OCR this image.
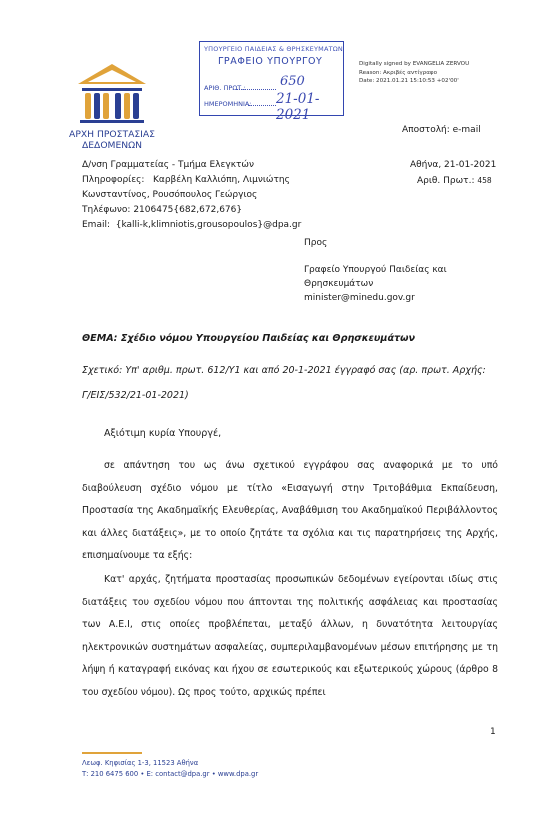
ΑΡΧΗ ΠΡΟΣΤΑΣΙΑΣ
ΔΕΔΟΜΕΝΩΝ
ΥΠΟΥΡΓΕΙΟ ΠΑΙΔΕΙΑΣ & ΘΡΗΣΚΕΥΜΑΤΩΝ
ΓΡΑΦΕΙΟ ΥΠΟΥΡΓΟΥ
ΑΡΙΘ. ΠΡΩΤ.:	650
ΗΜΕΡΟΜΗΝΙΑ: 21-01-2021
Digitally signed by EVANGELIA ZERVOU
Reason: Ακριβές αντίγραφο
Date: 2021.01.21 15:10:53 +02'00'
Αποστολή: e-mail
Δ/νση Γραμματείας - Τμήμα Ελεγκτών
Πληροφορίες: Καρβέλη Καλλιόπη, Λιμνιώτης
Κωνσταντίνος, Ρουσόπουλος Γεώργιος
Τηλέφωνο: 2106475{682,672,676}
Email: {kalli-k,klimniotis,grousopoulos}@dpa.gr
Αθήνα, 21-01-2021
Αριθ. Πρωτ.: 458
Προς
Γραφείο Υπουργού Παιδείας και
Θρησκευμάτων
minister@minedu.gov.gr
ΘΕΜΑ: Σχέδιο νόμου Υπουργείου Παιδείας και Θρησκευμάτων
Σχετικό: Υπ' αριθμ. πρωτ. 612/Υ1 και από 20-1-2021 έγγραφό σας (αρ. πρωτ. Αρχής:
Γ/ΕΙΣ/532/21-01-2021)
Αξιότιμη κυρία Υπουργέ,
σε απάντηση του ως άνω σχετικού εγγράφου σας αναφορικά με το υπό διαβούλευση σχέδιο νόμου με τίτλο «Εισαγωγή στην Τριτοβάθμια Εκπαίδευση, Προστασία της Ακαδημαϊκής Ελευθερίας, Αναβάθμιση του Ακαδημαϊκού Περιβάλλοντος και άλλες διατάξεις», με το οποίο ζητάτε τα σχόλια και τις παρατηρήσεις της Αρχής, επισημαίνουμε τα εξής:
Κατ' αρχάς, ζητήματα προστασίας προσωπικών δεδομένων εγείρονται ιδίως στις διατάξεις του σχεδίου νόμου που άπτονται της πολιτικής ασφάλειας και προστασίας των Α.Ε.Ι, στις οποίες προβλέπεται, μεταξύ άλλων, η δυνατότητα λειτουργίας ηλεκτρονικών συστημάτων ασφαλείας, συμπεριλαμβανομένων μέσων επιτήρησης με τη λήψη ή καταγραφή εικόνας και ήχου σε εσωτερικούς και εξωτερικούς χώρους (άρθρο 8 του σχεδίου νόμου). Ως προς τούτο, αρχικώς πρέπει
1
Λεωφ. Κηφισίας 1-3, 11523 Αθήνα
Τ: 210 6475 600 • E: contact@dpa.gr • www.dpa.gr
